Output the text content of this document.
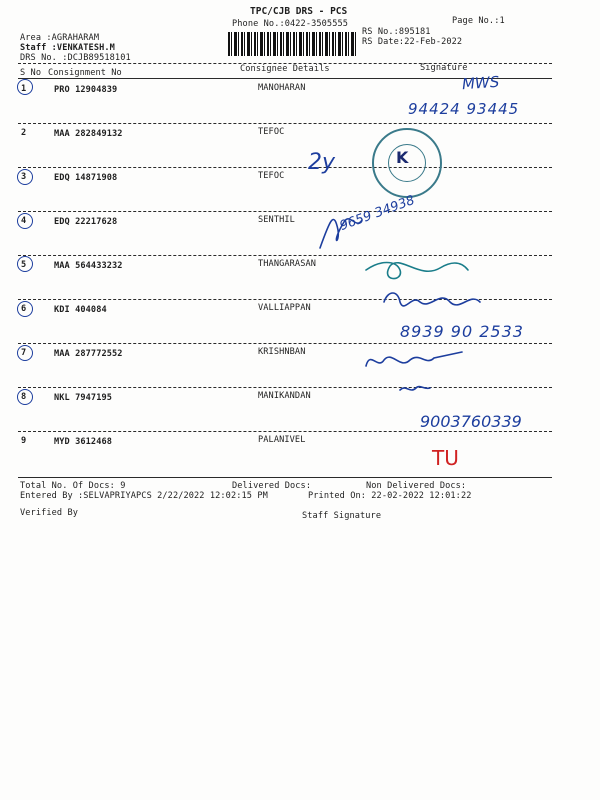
TPC/CJB DRS - PCS
Phone No.:0422-3505555	Page No.:1
RS No.:895181
RS Date:22-Feb-2022
Area :AGRAHARAM
Staff :VENKATESH.M
DRS No. :DCJB89518101
S No Consignment No	Consignee Details	Signature
1	PRO 12904839	MANOHARAN
2	MAA 282849132	TEFOC
3	EDQ 14871908	TEFOC
4	EDQ 22217628	SENTHIL
5	MAA 564433232	THANGARASAN
6	KDI 404084	VALLIAPPAN
7	MAA 287772552	KRISHNBAN
8	NKL 7947195	MANIKANDAN
9	MYD 3612468	PALANIVEL
Total No. Of Docs: 9	Delivered Docs:	Non Delivered Docs:
Entered By :SELVAPRIYAPCS 2/22/2022 12:02:15 PM	Printed On: 22-02-2022 12:01:22
Verified By	Staff Signature
K
MWS
94424 93445
2y
9659 34938
8939 90 2533
9003760339
TU
